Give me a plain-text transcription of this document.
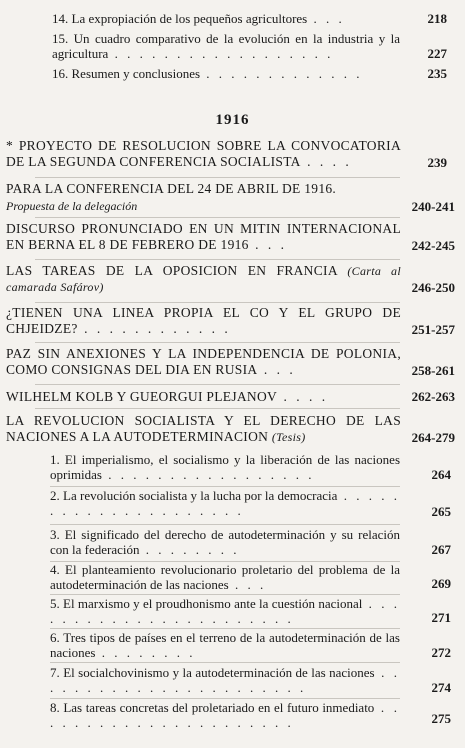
14. La expropiación de los pequeños agricultores . . .	218
15. Un cuadro comparativo de la evolución en la industria y la agricultura . . . . . . . . . . . . . . . . . .	227
16. Resumen y conclusiones . . . . . . . . . . . . .	235
1916
* PROYECTO DE RESOLUCION SOBRE LA CONVOCATORIA DE LA SEGUNDA CONFERENCIA SOCIALISTA . . . .	239
PARA LA CONFERENCIA DEL 24 DE ABRIL DE 1916.
Propuesta de la delegación	240-241
DISCURSO PRONUNCIADO EN UN MITIN INTERNACIONAL EN BERNA EL 8 DE FEBRERO DE 1916 . . .	242-245
LAS TAREAS DE LA OPOSICION EN FRANCIA (Carta al camarada Safárov)	246-250
¿TIENEN UNA LINEA PROPIA EL CO Y EL GRUPO DE CHJEIDZE? . . . . . . . . . . . .	251-257
PAZ SIN ANEXIONES Y LA INDEPENDENCIA DE POLONIA, COMO CONSIGNAS DEL DIA EN RUSIA . . .	258-261
WILHELM KOLB Y GUEORGUI PLEJANOV . . . .	262-263
LA REVOLUCION SOCIALISTA Y EL DERECHO DE LAS NACIONES A LA AUTODETERMINACION (Tesis)	264-279
1. El imperialismo, el socialismo y la liberación de las naciones oprimidas . . . . . . . . . . . . . . . . .	264
2. La revolución socialista y la lucha por la democracia . . . . . . . . . . . . . . . . . . . . .	265
3. El significado del derecho de autodeterminación y su relación con la federación . . . . . . . .	267
4. El planteamiento revolucionario proletario del problema de la autodeterminación de las naciones . . .	269
5. El marxismo y el proudhonismo ante la cuestión nacional . . . . . . . . . . . . . . . . . . . . . . .	271
6. Tres tipos de países en el terreno de la autodeterminación de las naciones . . . . . . . .	272
7. El socialchovinismo y la autodeterminación de las naciones . . . . . . . . . . . . . . . . . . . . . . .	274
8. Las tareas concretas del proletariado en el futuro inmediato . . . . . . . . . . . . . . . . . . . . . .	275
